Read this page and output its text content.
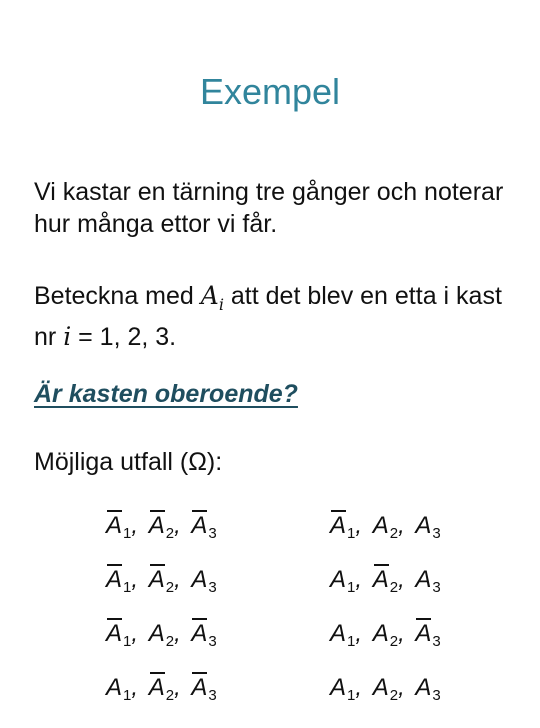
Exempel
Vi kastar en tärning tre gånger och noterar hur många ettor vi får.
Beteckna med $A_i$ att det blev en etta i kast nr i = 1, 2, 3.
Är kasten oberoende?
Möjliga utfall (Ω):
$A_1$, $A_2$, $A_3$
$A_1$, $A_2$, $A_3$
$A_1$, $A_2$, $A_3$
$A_1$, $A_2$, $A_3$
$A_1$, $A_2$, $A_3$
$A_1$, $A_2$, $A_3$
$A_1$, $A_2$, $A_3$
$A_1$, $A_2$, $A_3$
